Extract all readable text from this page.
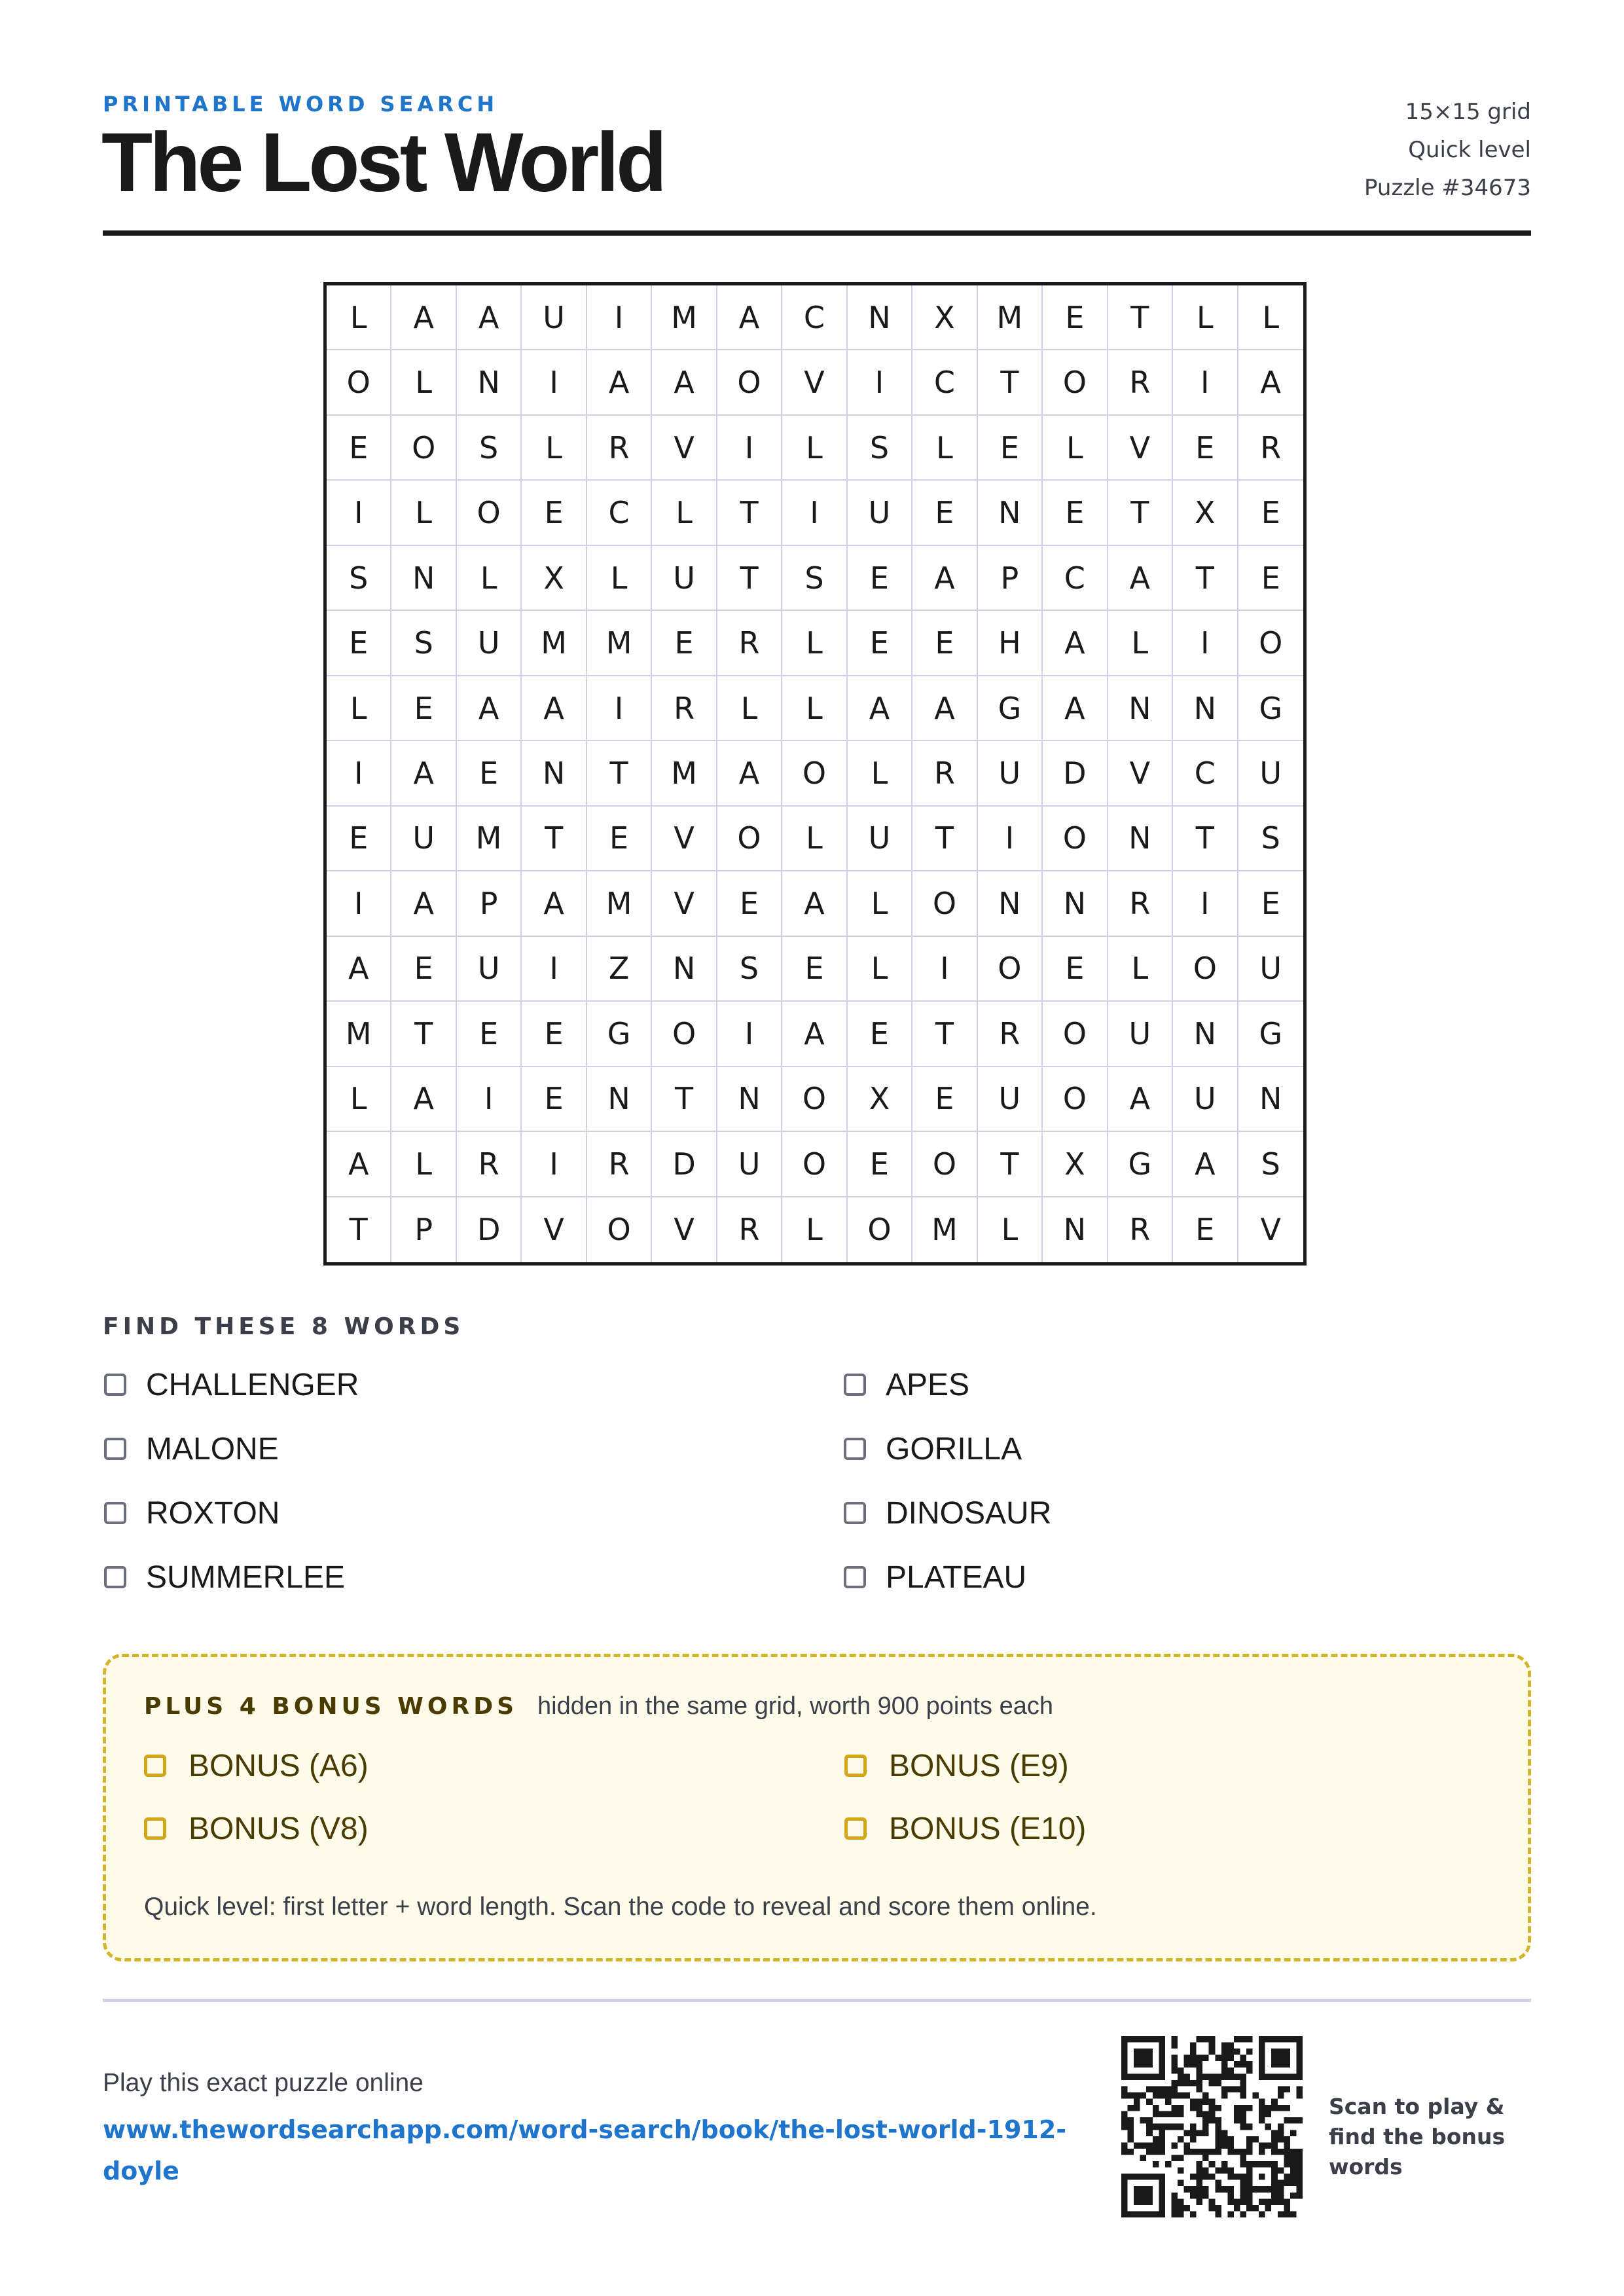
PRINTABLE WORD SEARCH
The Lost World
15×15 grid
Quick level
Puzzle #34673
L	A	A	U	I	M	A	C	N	X	M	E	T	L	L
O	L	N	I	A	A	O	V	I	C	T	O	R	I	A
E	O	S	L	R	V	I	L	S	L	E	L	V	E	R
I	L	O	E	C	L	T	I	U	E	N	E	T	X	E
S	N	L	X	L	U	T	S	E	A	P	C	A	T	E
E	S	U	M	M	E	R	L	E	E	H	A	L	I	O
L	E	A	A	I	R	L	L	A	A	G	A	N	N	G
I	A	E	N	T	M	A	O	L	R	U	D	V	C	U
E	U	M	T	E	V	O	L	U	T	I	O	N	T	S
I	A	P	A	M	V	E	A	L	O	N	N	R	I	E
A	E	U	I	Z	N	S	E	L	I	O	E	L	O	U
M	T	E	E	G	O	I	A	E	T	R	O	U	N	G
L	A	I	E	N	T	N	O	X	E	U	O	A	U	N
A	L	R	I	R	D	U	O	E	O	T	X	G	A	S
T	P	D	V	O	V	R	L	O	M	L	N	R	E	V
FIND THESE 8 WORDS
CHALLENGER	APES
MALONE	GORILLA
ROXTON	DINOSAUR
SUMMERLEE	PLATEAU
PLUS 4 BONUS WORDS hidden in the same grid, worth 900 points each
BONUS (A6)	BONUS (E9)
BONUS (V8)	BONUS (E10)
Quick level: first letter + word length. Scan the code to reveal and score them online.
Play this exact puzzle online
www.thewordsearchapp.com/word-search/book/the-lost-world-1912-doyle
Scan to play & find the bonus words
